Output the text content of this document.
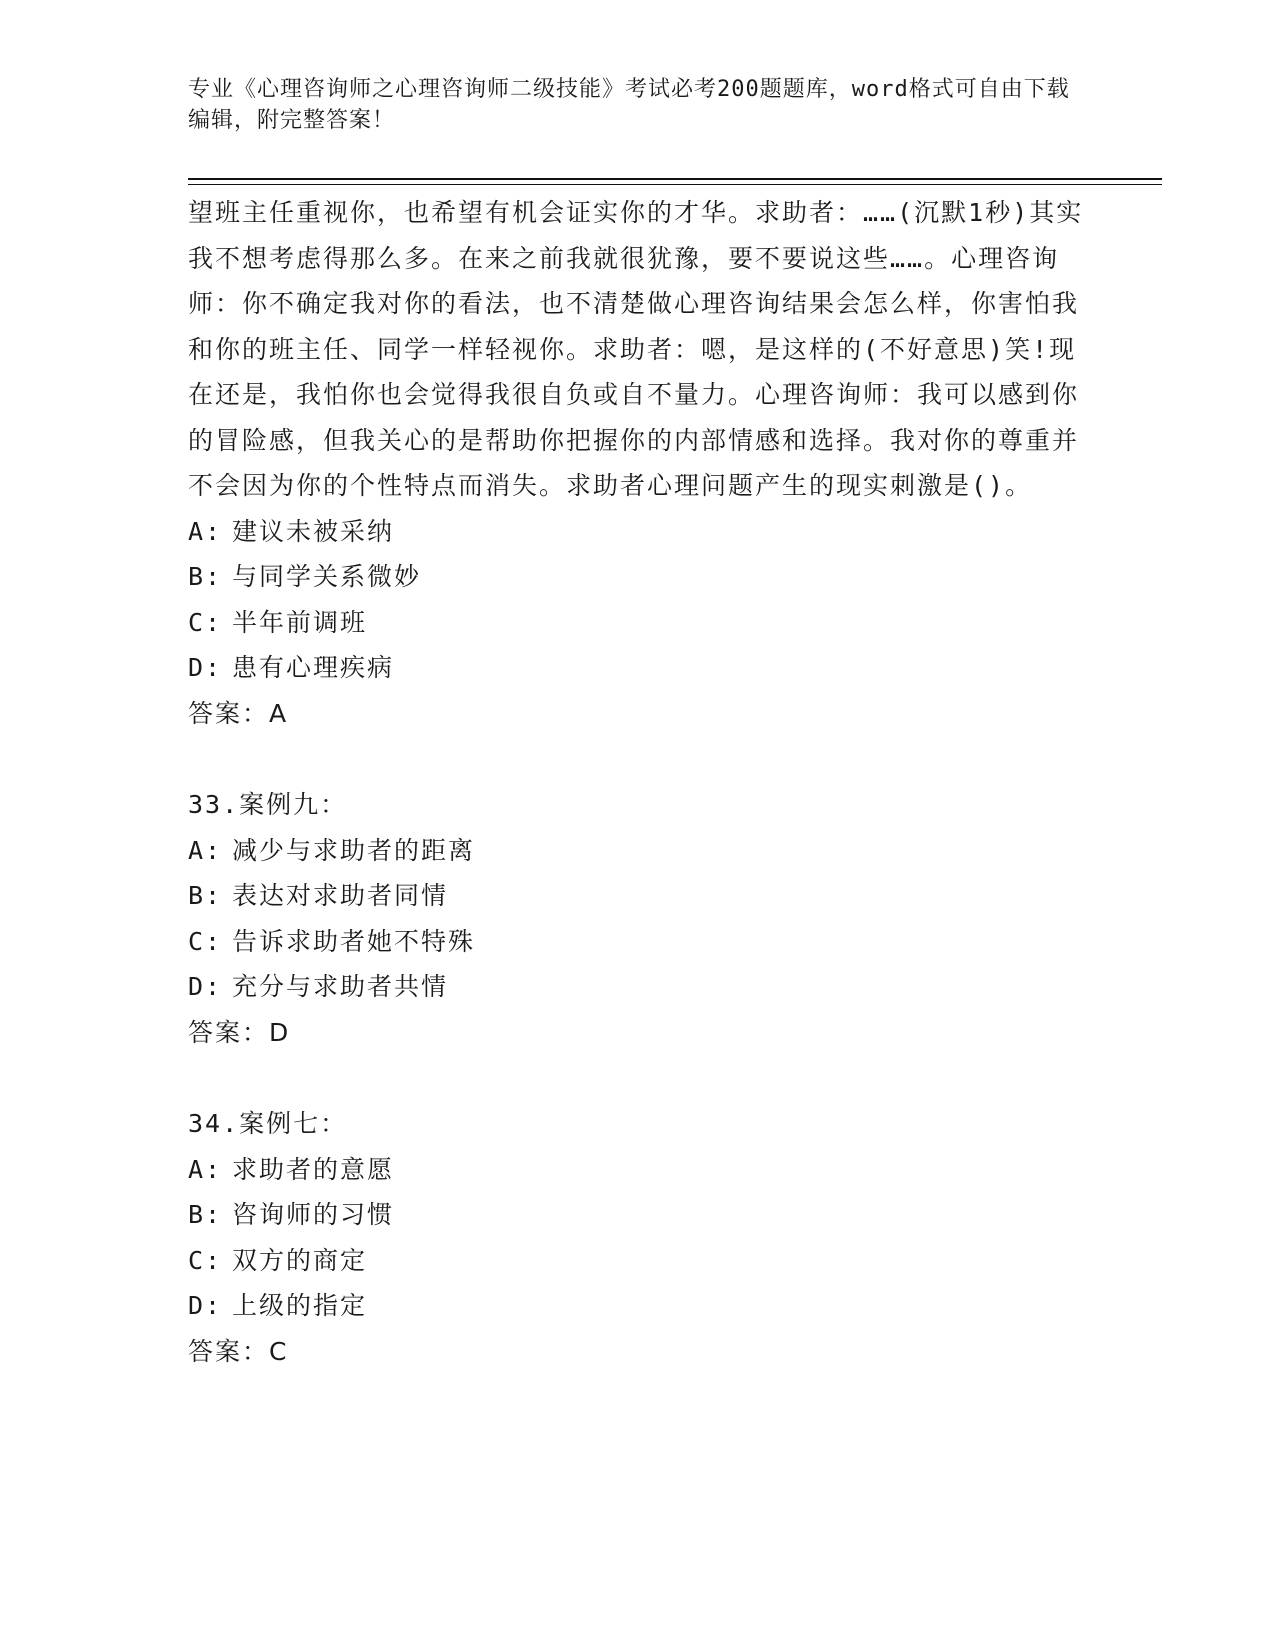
专业《心理咨询师之心理咨询师二级技能》考试必考200题题库，word格式可自由下载编辑，附完整答案！
望班主任重视你，也希望有机会证实你的才华。求助者：……(沉默1秒)其实我不想考虑得那么多。在来之前我就很犹豫，要不要说这些……。心理咨询师：你不确定我对你的看法，也不清楚做心理咨询结果会怎么样，你害怕我和你的班主任、同学一样轻视你。求助者：嗯，是这样的(不好意思)笑!现在还是，我怕你也会觉得我很自负或自不量力。心理咨询师：我可以感到你的冒险感，但我关心的是帮助你把握你的内部情感和选择。我对你的尊重并不会因为你的个性特点而消失。求助者心理问题产生的现实刺激是()。
A: 建议未被采纳
B: 与同学关系微妙
C: 半年前调班
D: 患有心理疾病
答案：A
33.案例九：
A: 减少与求助者的距离
B: 表达对求助者同情
C: 告诉求助者她不特殊
D: 充分与求助者共情
答案：D
34.案例七：
A: 求助者的意愿
B: 咨询师的习惯
C: 双方的商定
D: 上级的指定
答案：C
